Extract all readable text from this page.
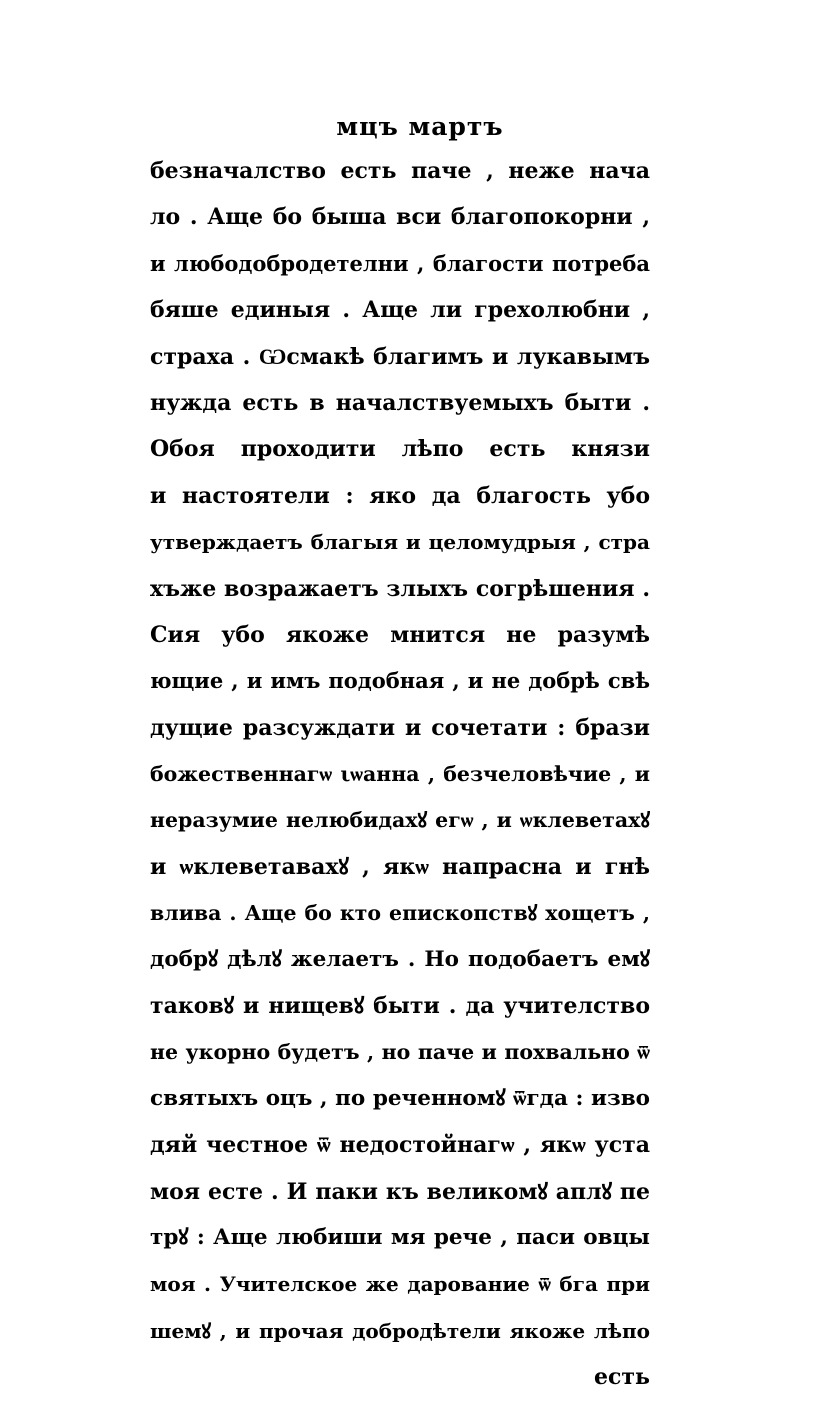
мцъ мартъ
безначалство есть паче , неже нача
ло . Аще бо быша вси благопокорни ,
и любодобродетелни , благости потреба
бяше единыя . Аще ли грехолюбни ,
страха . Ѡсмакѣ благимъ и лукавымъ
нужда есть в началствуемыхъ быти .
Обоя проходити лѣпо есть князи
и настоятели : яко да благость убо
утверждаетъ благыя и целомудрыя , стра
хъже возражаетъ злыхъ согрѣшения .
Сия убо якоже мнится не разумѣ
ющие , и имъ подобная , и не добрѣ свѣ
дущие разсуждати и сочетати : брази
божественнагѡ ιѡанна , безчеловѣчие , и
неразумие нелюбидахꙋ егѡ , и ѡклеветахꙋ
и ѡклеветавахꙋ , якѡ напрасна и гнѣ
влива . Аще бо кто епископствꙋ хощетъ ,
добрꙋ дѣлꙋ желаетъ . Но подобаетъ емꙋ
таковꙋ и нищевꙋ быти . да учителство
не укорно будетъ , но паче и похвально ѿ
святыхъ оцъ , по реченномꙋ ѿгда : изво
дяй честное ѿ недостойнагѡ , якѡ уста
моя есте . И паки къ великомꙋ аплꙋ пе
трꙋ : Аще любиши мя рече , паси овцы
моя . Учителское же дарование ѿ бга при
шемꙋ , и прочая добродѣтели якоже лѣпо
есть
